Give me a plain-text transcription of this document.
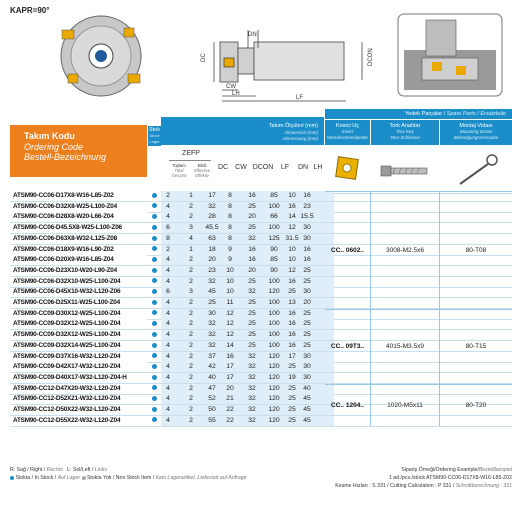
KAPR=90°
DN
DC	DCON
CW
LH
LF
Takım Kodu
Ordering Code
Bestell-Bezeichnung
Stok
Stock
Lager
Takım Ölçüleri (mm)
Dimension (mm)
Abmessung (mm)
Yedek Parçalar / Spare Parts / Ersatzteile
Kesici Uç
Insert
Wendeschneidplatte
Tork Anahtar
Torx Key
Torx-Schlüssel
Montaj Vidası
Mounting Screw
Befestigungsschraube
ZEFP
Toplam
Total
Gesamt
Etkili
Effective
Effektiv
DC	CW DCON	LF	DN LH
ATSM90-CC06-D17X8-W16-L85-Z02	2	1	17	8	16	85	10	16
ATSM90-CC06-D32X8-W25-L100-Z04	4	2	32	8	25	100	16	23
ATSM90-CC06-D28X8-W20-L66-Z04	4	2	28	8	20	66	14 15.5
ATSM90-CC06-D45.5X8-W25-L100-Z06	6	3	45.5	8	25	100	12	30
ATSM90-CC06-D63X8-W32-L125-Z08	8	4	63	8	32	125 31.5 30
ATSM90-CC06-D18X9-W16-L90-Z02	2	1	18	9	16	90	10	16
ATSM90-CC06-D20X9-W16-L85-Z04	4	2	20	9	16	85	10	16
ATSM90-CC06-D23X10-W20-L90-Z04	4	2	23	10	20	90	12	25
ATSM90-CC06-D32X10-W25-L100-Z04	4	2	32	10	25	100	16	25
ATSM90-CC06-D45X10-W32-L120-Z06	6	3	45	10	32	120	25	30
ATSM90-CC06-D25X11-W25-L100-Z04	4	2	25	11	25	100	13	20
ATSM90-CC09-D30X12-W25-L100-Z04	4	2	30	12	25	100	16	25
ATSM90-CC09-D32X12-W25-L100-Z04	4	2	32	12	25	100	16	25
ATSM90-CC09-D32X12-W25-L100-Z04	4	2	32	12	25	100	16	25
ATSM90-CC09-D32X14-W25-L100-Z04	4	2	32	14	25	100	16	25
ATSM90-CC09-D37X16-W32-L120-Z04	4	2	37	16	32	120	17	30
ATSM90-CC09-D42X17-W32-L120-Z04	4	2	42	17	32	120	25	30
ATSM90-CC09-D40X17-W32-L120-Z04-H	4	2	40	17	32	120	19	30
ATSM90-CC12-D47X20-W32-L120-Z04	4	2	47	20	32	120	25	40
ATSM90-CC12-D52X21-W32-L120-Z04	4	2	52	21	32	120	25	45
ATSM90-CC12-D50X22-W32-L120-Z04	4	2	50	22	32	120	25	45
ATSM90-CC12-D55X22-W32-L120-Z04	4	2	55	22	32	120	25	45
CC.. 0602..	3008-M2.5x6	80-T08
CC.. 09T3..	4015-M3.5x9	80-T15
CC.. 1204..	1020-M5x11	80-T20
R: Sağ / Right / Rechts L: Sol/Left / Links
Stokta / In Stock / Auf Lager Stokta Yok / Non Stock Item / Kein Lagerartikel, Lieferzeit auf Anfrage
Sipariş Örneği/Ordering Example/Bestellbeispiel
1 ad./pcs./stück ATSM90-CC06-D17X8-W16-L85-Z02
Kesme Hızları : S 331 / Cutting Calculation : P 331 / Schnittberechnung : 331
